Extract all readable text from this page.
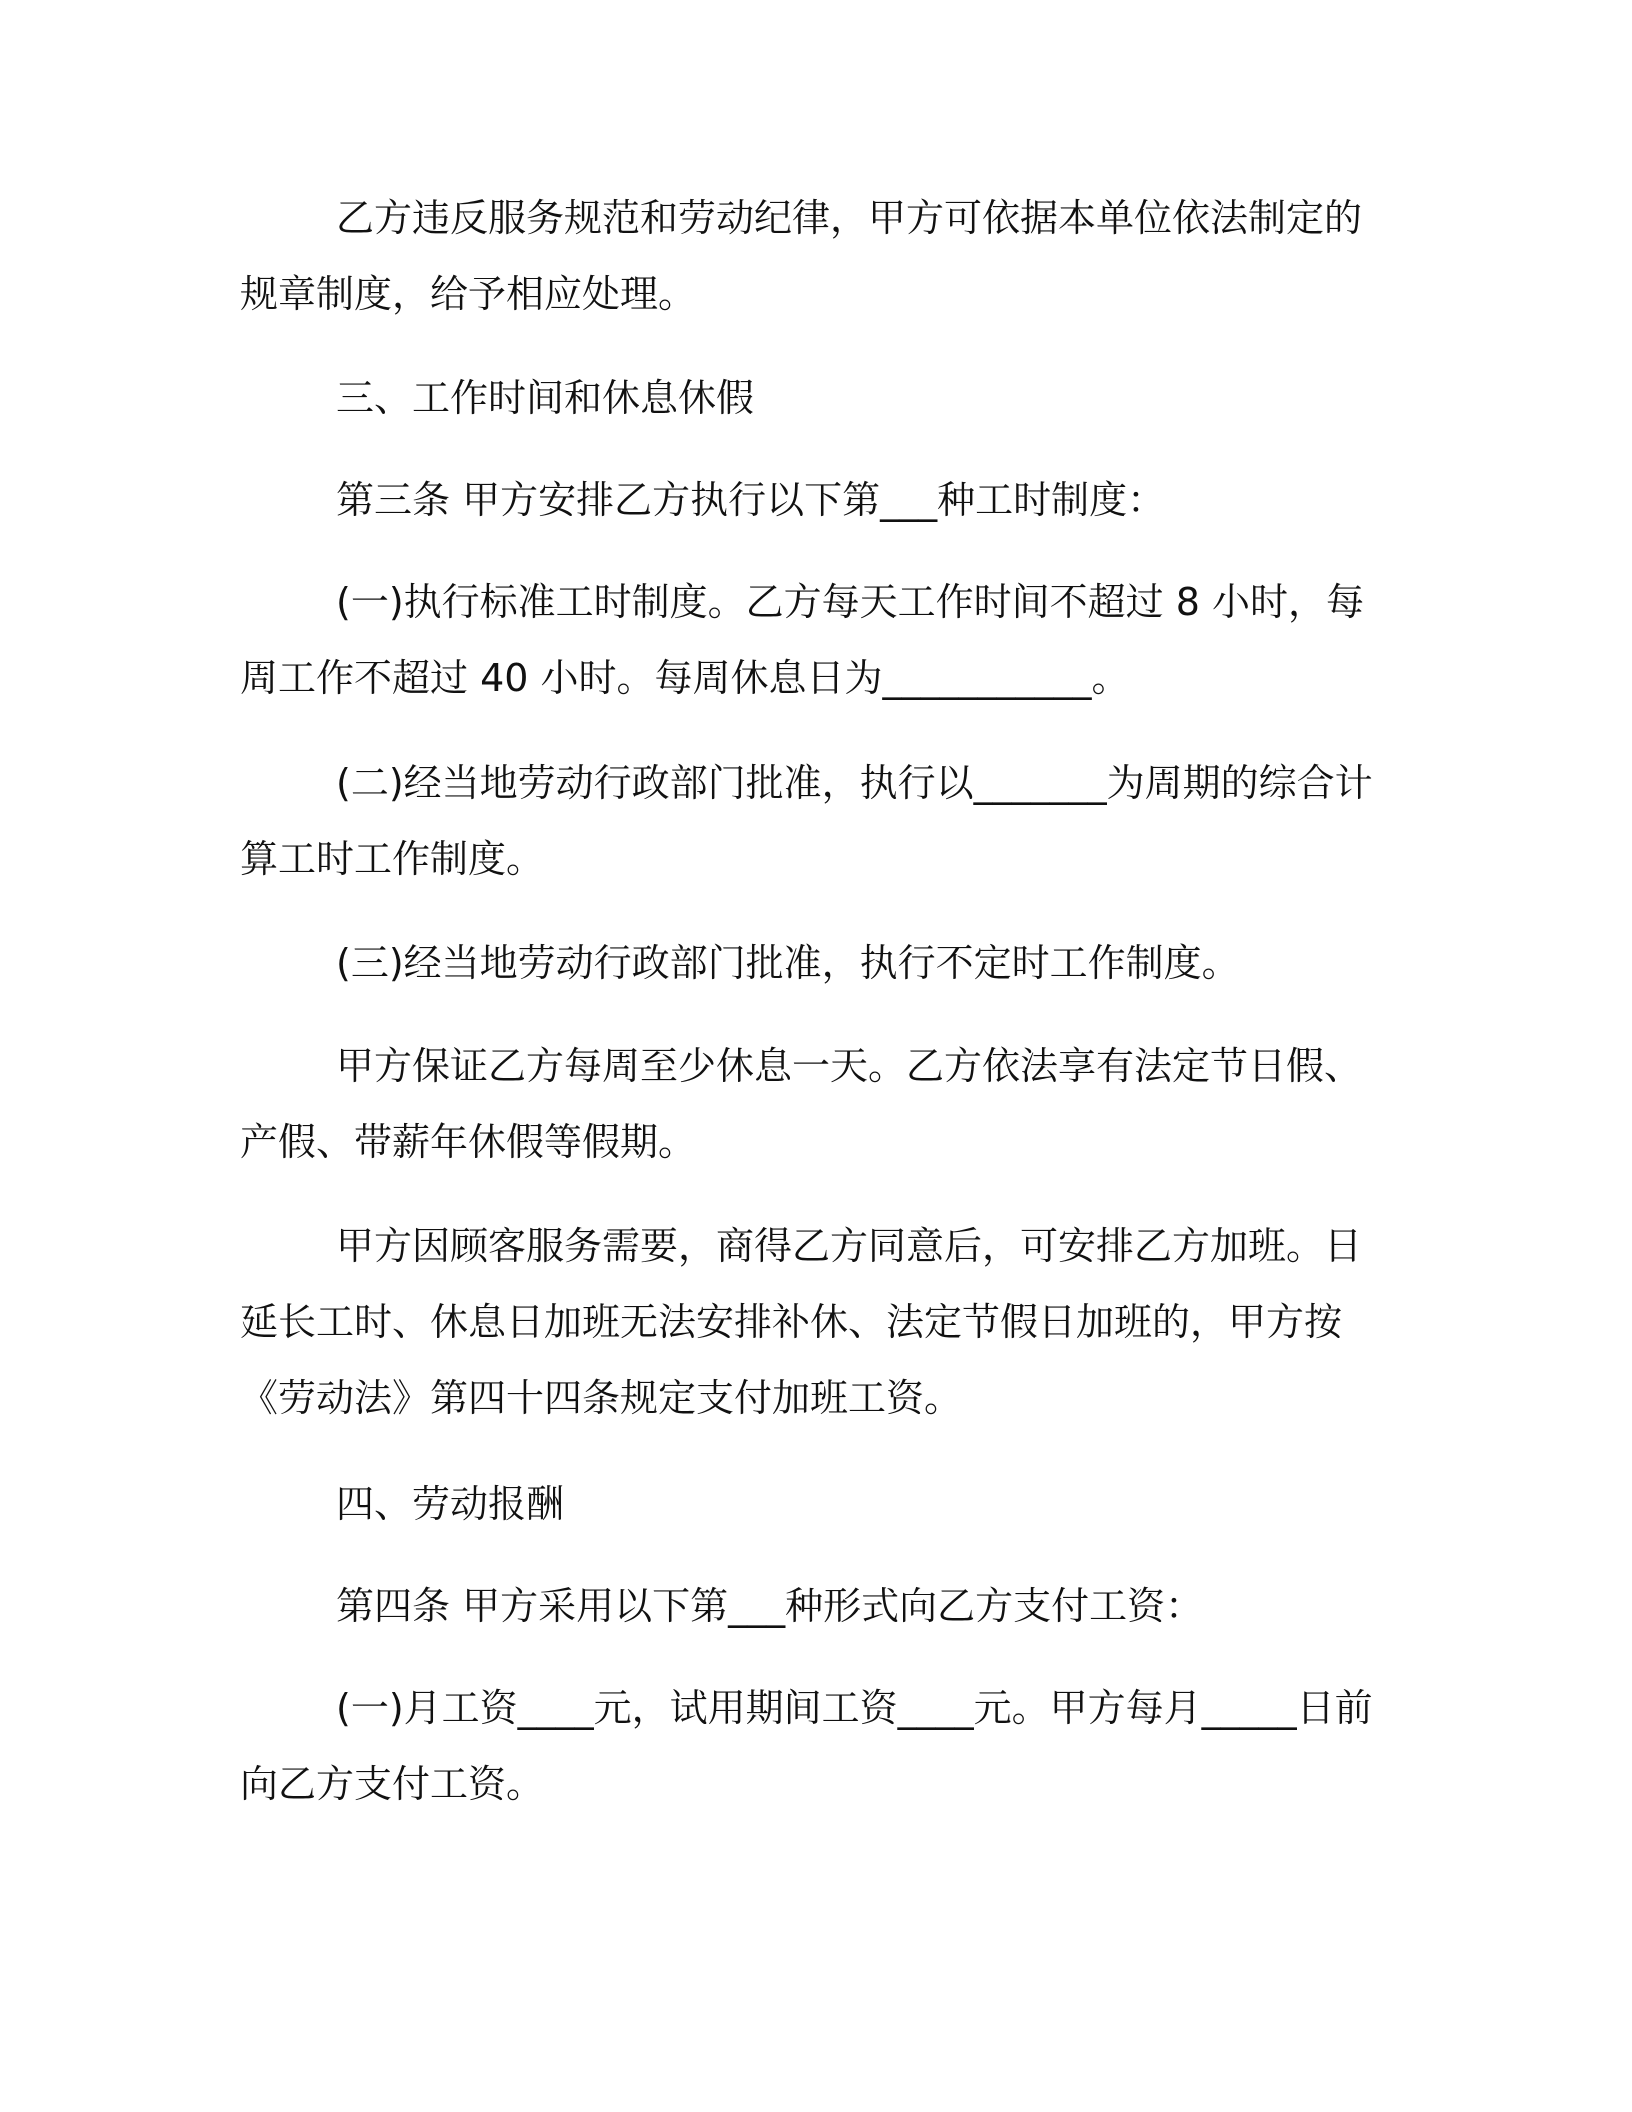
乙方违反服务规范和劳动纪律，甲方可依据本单位依法制定的规章制度，给予相应处理。

三、工作时间和休息休假

第三条 甲方安排乙方执行以下第___种工时制度：

(一)执行标准工时制度。乙方每天工作时间不超过 8 小时，每周工作不超过 40 小时。每周休息日为___________。

(二)经当地劳动行政部门批准，执行以_______为周期的综合计算工时工作制度。

(三)经当地劳动行政部门批准，执行不定时工作制度。

甲方保证乙方每周至少休息一天。乙方依法享有法定节日假、产假、带薪年休假等假期。

甲方因顾客服务需要，商得乙方同意后，可安排乙方加班。日延长工时、休息日加班无法安排补休、法定节假日加班的，甲方按《劳动法》第四十四条规定支付加班工资。

四、劳动报酬

第四条 甲方采用以下第___种形式向乙方支付工资：

(一)月工资____元，试用期间工资____元。甲方每月_____日前向乙方支付工资。
